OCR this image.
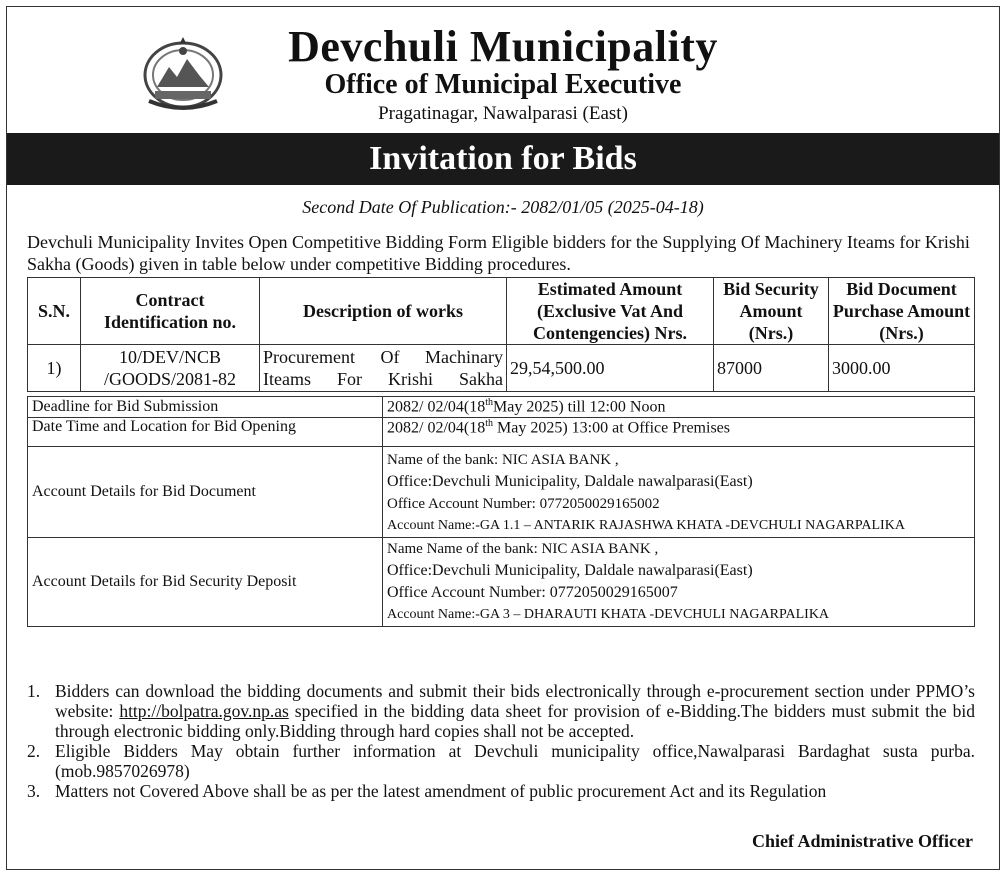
Devchuli Municipality
Office of Municipal Executive
Pragatinagar, Nawalparasi (East)
Invitation for Bids
Second Date Of Publication:- 2082/01/05 (2025-04-18)
Devchuli Municipality Invites Open Competitive Bidding Form Eligible bidders for the Supplying Of Machinery Iteams for Krishi Sakha (Goods) given in table below under competitive Bidding procedures.
S.N.	Contract Identification no.	Description of works	Estimated Amount (Exclusive Vat And Contengencies) Nrs.	Bid Security Amount (Nrs.)	Bid Document Purchase Amount (Nrs.)
1)	10/DEV/NCB /GOODS/2081-82	Procurement Of Machinary Iteams For Krishi Sakha	29,54,500.00	87000	3000.00
Deadline for Bid Submission	2082/ 02/04(18thMay 2025) till 12:00 Noon
Date Time and Location for Bid Opening	2082/ 02/04(18th May 2025) 13:00 at Office Premises
Account Details for Bid Document	Name of the bank: NIC ASIA BANK ,
Office:Devchuli Municipality, Daldale nawalparasi(East)
Office Account Number: 0772050029165002
Account Name:-GA 1.1 – ANTARIK RAJASHWA KHATA -DEVCHULI NAGARPALIKA

Account Details for Bid Security Deposit	Name Name of the bank: NIC ASIA BANK ,
Office:Devchuli Municipality, Daldale nawalparasi(East)
Office Account Number: 0772050029165007
Account Name:-GA 3 – DHARAUTI KHATA -DEVCHULI NAGARPALIKA
1. Bidders can download the bidding documents and submit their bids electronically through e-procurement section under PPMO’s website: http://bolpatra.gov.np.as specified in the bidding data sheet for provision of e-Bidding.The bidders must submit the bid through electronic bidding only.Bidding through hard copies shall not be accepted.
2. Eligible Bidders May obtain further information at Devchuli municipality office,Nawalparasi Bardaghat susta purba.(mob.9857026978)
3. Matters not Covered Above shall be as per the latest amendment of public procurement Act and its Regulation
Chief Administrative Officer
